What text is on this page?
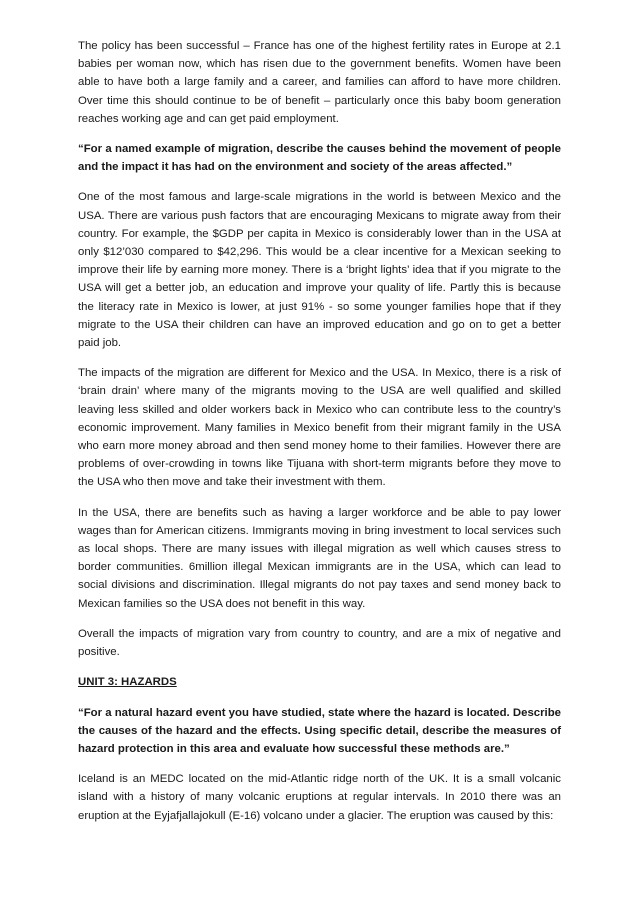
The policy has been successful – France has one of the highest fertility rates in Europe at 2.1 babies per woman now, which has risen due to the government benefits. Women have been able to have both a large family and a career, and families can afford to have more children. Over time this should continue to be of benefit – particularly once this baby boom generation reaches working age and can get paid employment.

“For a named example of migration, describe the causes behind the movement of people and the impact it has had on the environment and society of the areas affected.”

One of the most famous and large-scale migrations in the world is between Mexico and the USA. There are various push factors that are encouraging Mexicans to migrate away from their country. For example, the $GDP per capita in Mexico is considerably lower than in the USA at only $12’030 compared to $42,296. This would be a clear incentive for a Mexican seeking to improve their life by earning more money. There is a ‘bright lights’ idea that if you migrate to the USA will get a better job, an education and improve your quality of life. Partly this is because the literacy rate in Mexico is lower, at just 91% - so some younger families hope that if they migrate to the USA their children can have an improved education and go on to get a better paid job.

The impacts of the migration are different for Mexico and the USA. In Mexico, there is a risk of ‘brain drain’ where many of the migrants moving to the USA are well qualified and skilled leaving less skilled and older workers back in Mexico who can contribute less to the country’s economic improvement. Many families in Mexico benefit from their migrant family in the USA who earn more money abroad and then send money home to their families. However there are problems of over-crowding in towns like Tijuana with short-term migrants before they move to the USA who then move and take their investment with them.

In the USA, there are benefits such as having a larger workforce and be able to pay lower wages than for American citizens. Immigrants moving in bring investment to local services such as local shops. There are many issues with illegal migration as well which causes stress to border communities. 6million illegal Mexican immigrants are in the USA, which can lead to social divisions and discrimination. Illegal migrants do not pay taxes and send money back to Mexican families so the USA does not benefit in this way.

Overall the impacts of migration vary from country to country, and are a mix of negative and positive.

UNIT 3: HAZARDS

“For a natural hazard event you have studied, state where the hazard is located. Describe the causes of the hazard and the effects. Using specific detail, describe the measures of hazard protection in this area and evaluate how successful these methods are.”

Iceland is an MEDC located on the mid-Atlantic ridge north of the UK. It is a small volcanic island with a history of many volcanic eruptions at regular intervals. In 2010 there was an eruption at the Eyjafjallajokull (E-16) volcano under a glacier. The eruption was caused by this:
